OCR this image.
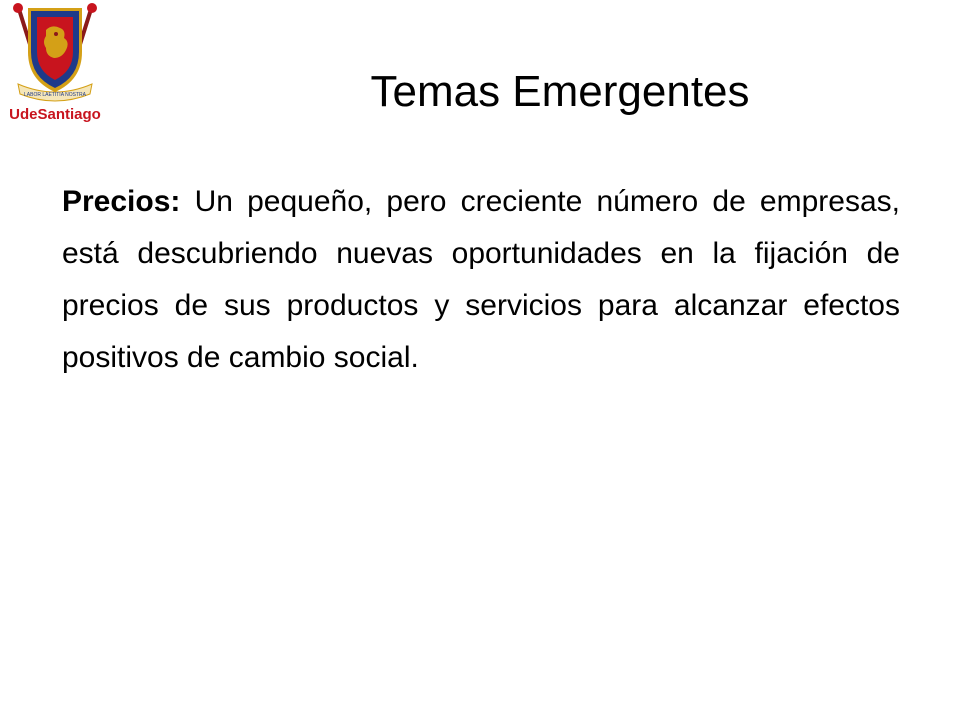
LABOR LAETITIA NOSTRA
UdeSantiago	Temas Emergentes

Precios: Un pequeño, pero creciente número de empresas, está descubriendo nuevas oportunidades en la fijación de precios de sus productos y servicios para alcanzar efectos positivos de cambio social.
